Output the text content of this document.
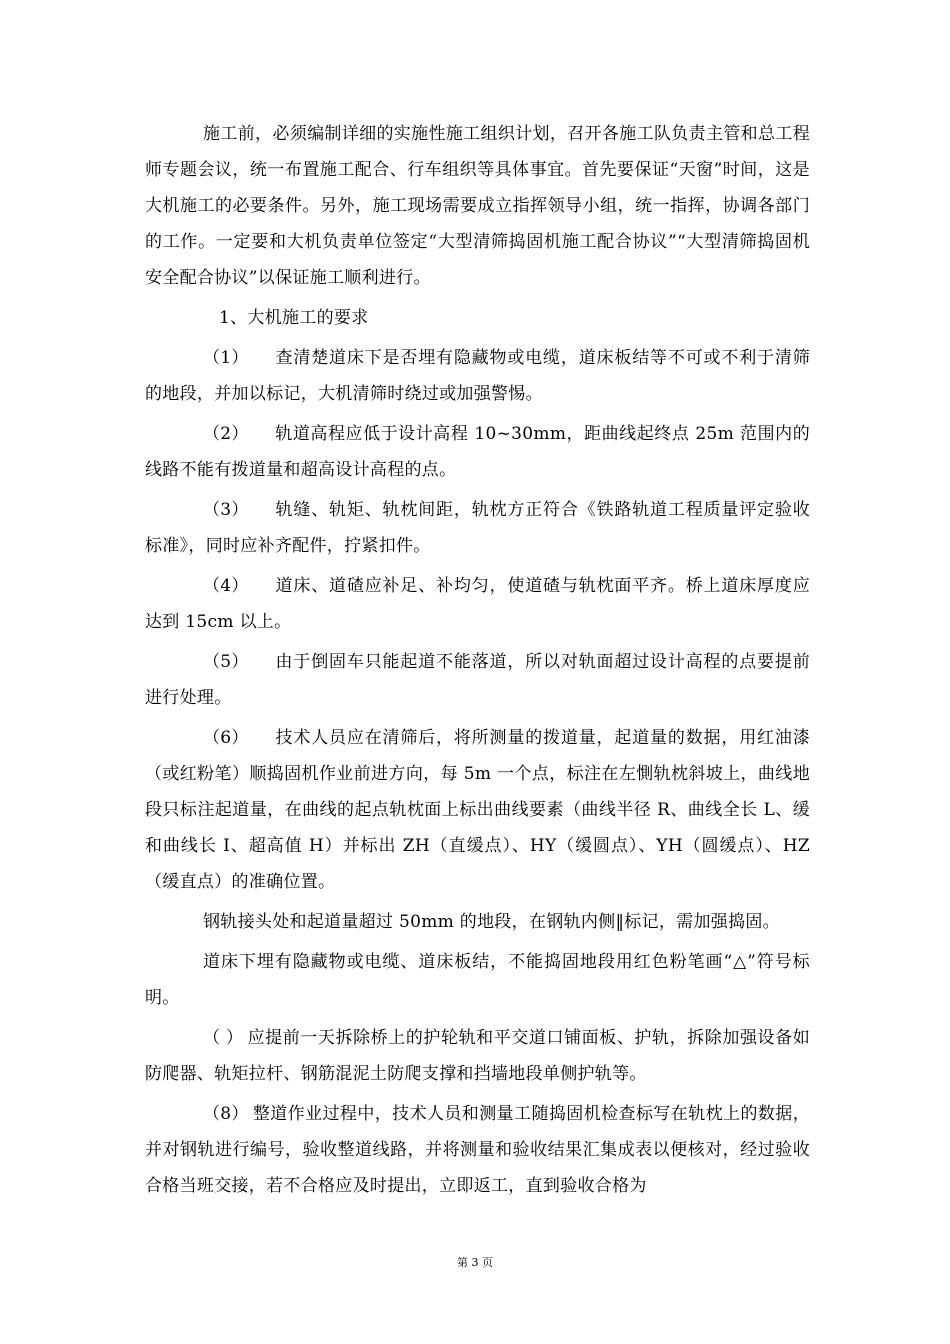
施工前，必须编制详细的实施性施工组织计划，召开各施工队负责主管和总工程师专题会议，统一布置施工配合、行车组织等具体事宜。首先要保证“天窗”时间，这是大机施工的必要条件。另外，施工现场需要成立指挥领导小组，统一指挥，协调各部门的工作。一定要和大机负责单位签定“大型清筛捣固机施工配合协议”“大型清筛捣固机安全配合协议”以保证施工顺利进行。

1、大机施工的要求

（1） 查清楚道床下是否埋有隐藏物或电缆，道床板结等不可或不利于清筛的地段，并加以标记，大机清筛时绕过或加强警惕。

（2） 轨道高程应低于设计高程 10~30mm，距曲线起终点 25m 范围内的线路不能有拨道量和超高设计高程的点。

（3） 轨缝、轨矩、轨枕间距，轨枕方正符合《铁路轨道工程质量评定验收标准》，同时应补齐配件，拧紧扣件。

（4） 道床、道碴应补足、补均匀，使道碴与轨枕面平齐。桥上道床厚度应达到 15cm 以上。

（5） 由于倒固车只能起道不能落道，所以对轨面超过设计高程的点要提前进行处理。

（6） 技术人员应在清筛后，将所测量的拨道量，起道量的数据，用红油漆（或红粉笔）顺捣固机作业前进方向，每 5m 一个点，标注在左惻轨枕斜坡上，曲线地段只标注起道量，在曲线的起点轨枕面上标出曲线要素（曲线半径 R、曲线全长 L、缓和曲线长 I、超高值 H）并标出 ZH（直缓点）、HY（缓圆点）、YH（圆缓点）、HZ（缓直点）的准确位置。

钢轨接头处和起道量超过 50mm 的地段，在钢轨内侧‖标记，需加强捣固。

道床下埋有隐藏物或电缆、道床板结，不能捣固地段用红色粉笔画“△”符号标明。

（ ） 应提前一天拆除桥上的护轮轨和平交道口铺面板、护轨，拆除加强设备如防爬器、轨矩拉杆、钢筋混泥土防爬支撑和挡墙地段单侧护轨等。

（8） 整道作业过程中，技术人员和测量工随捣固机检查标写在轨枕上的数据，并对钢轨进行编号，验收整道线路，并将测量和验收结果汇集成表以便核对，经过验收合格当班交接，若不合格应及时提出，立即返工，直到验收合格为

第 3 页
